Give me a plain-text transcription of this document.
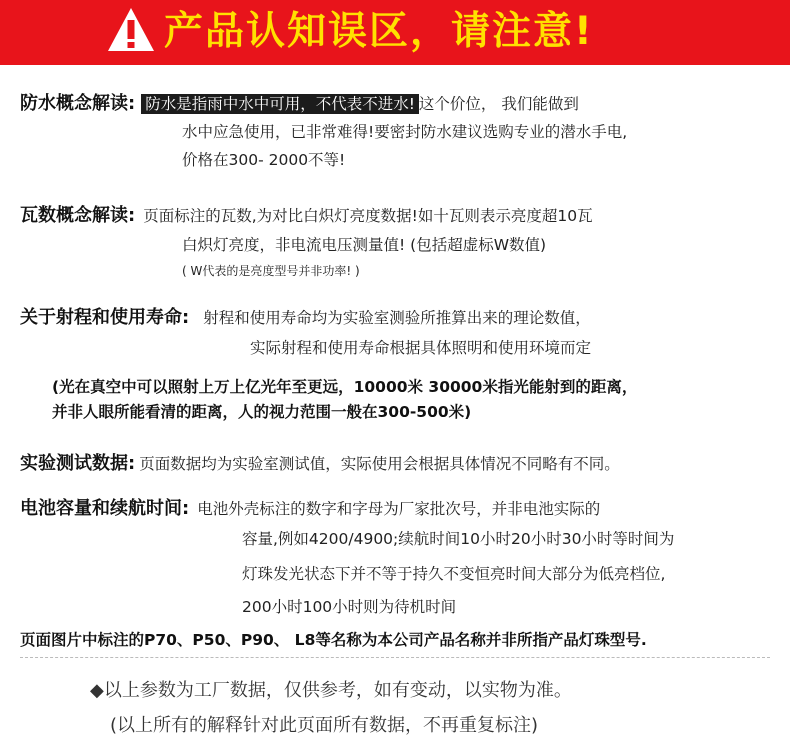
产品认知误区，请注意!
防水概念解读: 防水是指雨中水中可用，不代表不进水! 这个价位， 我们能做到
水中应急使用，已非常难得!要密封防水建议选购专业的潜水手电,
价格在300- 2000不等!
瓦数概念解读: 页面标注的瓦数,为对比白炽灯亮度数据!如十瓦则表示亮度超10瓦
白炽灯亮度，非电流电压测量值! (包括超虚标W数值)
( W代表的是亮度型号并非功率! )
关于射程和使用寿命: 射程和使用寿命均为实验室测验所推算出来的理论数值，
实际射程和使用寿命根据具体照明和使用环境而定
(光在真空中可以照射上万上亿光年至更远，10000米 30000米指光能射到的距离，
并非人眼所能看清的距离，人的视力范围一般在300-500米)
实验测试数据: 页面数据均为实验室测试值，实际使用会根据具体情况不同略有不同。
电池容量和续航时间: 电池外壳标注的数字和字母为厂家批次号，并非电池实际的
容量,例如4200/4900;续航时间10小时20小时30小时等时间为
灯珠发光状态下并不等于持久不变恒亮时间大部分为低亮档位,
200小时100小时则为待机时间
页面图片中标注的P70、P50、P90、 L8等名称为本公司产品名称并非所指产品灯珠型号.
◆以上参数为工厂数据，仅供参考，如有变动，以实物为准。
(以上所有的解释针对此页面所有数据，不再重复标注)
